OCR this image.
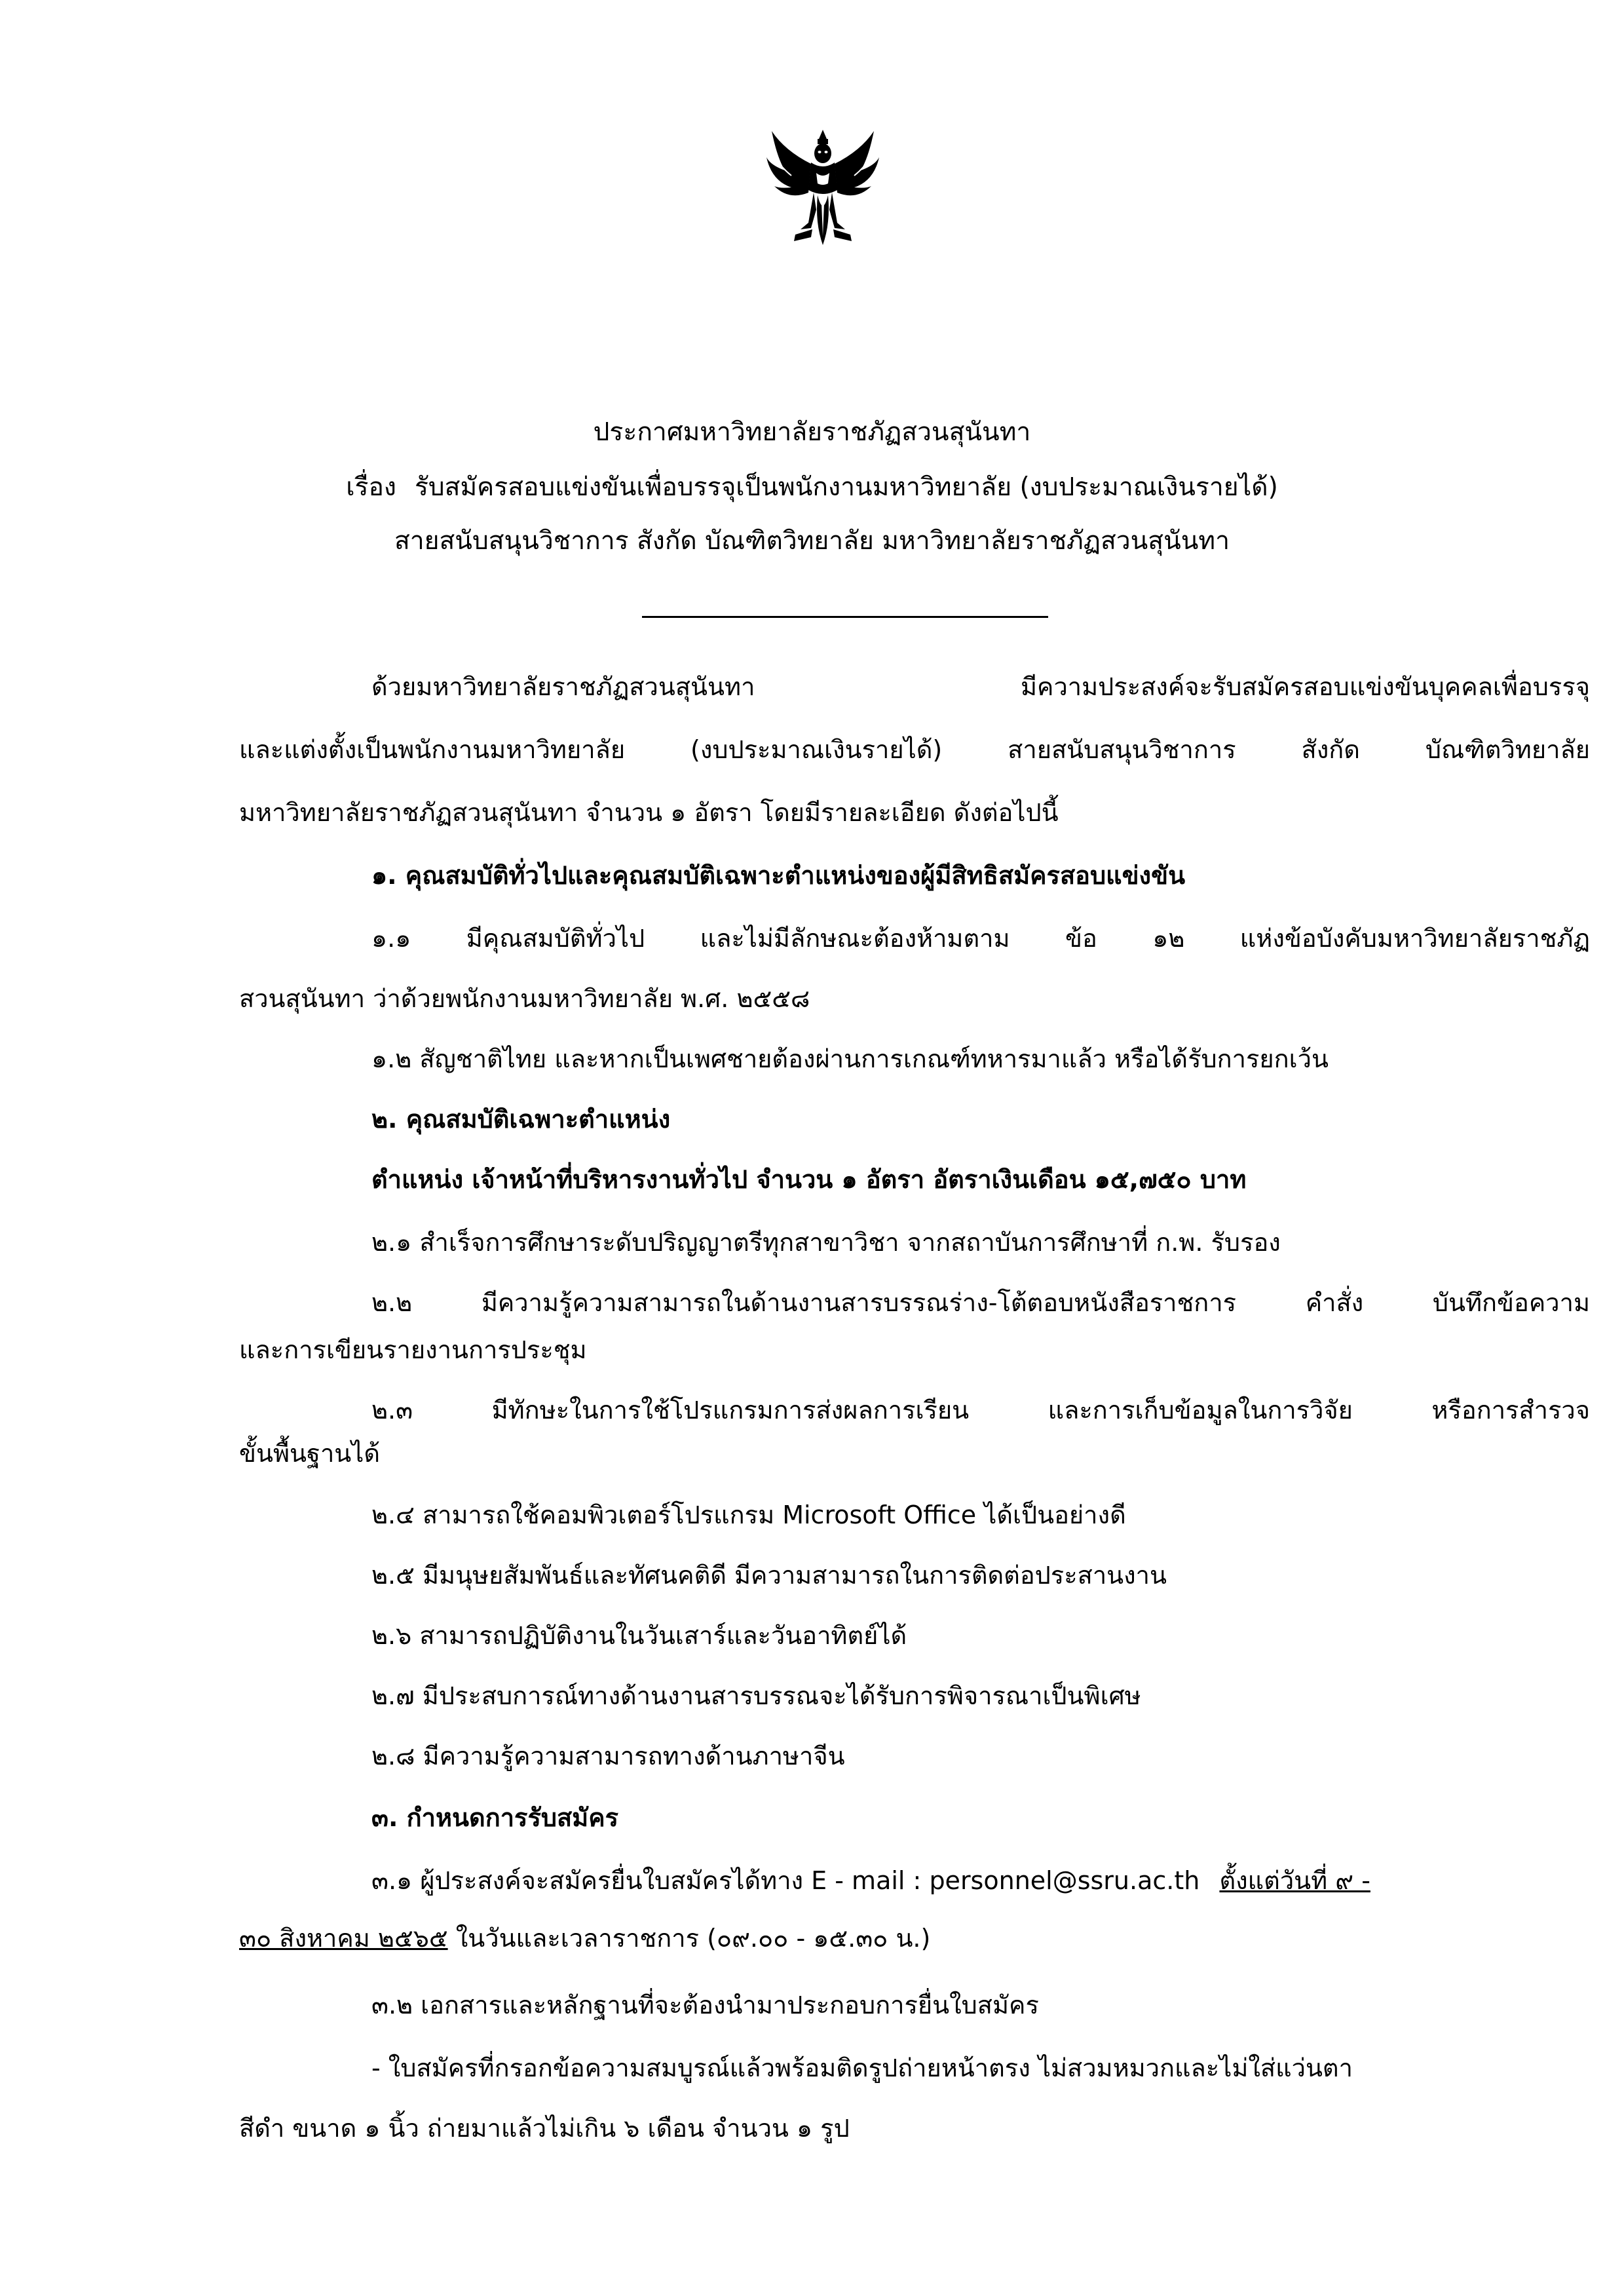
ประกาศมหาวิทยาลัยราชภัฏสวนสุนันทา
เรื่อง รับสมัครสอบแข่งขันเพื่อบรรจุเป็นพนักงานมหาวิทยาลัย (งบประมาณเงินรายได้)
สายสนับสนุนวิชาการ สังกัด บัณฑิตวิทยาลัย มหาวิทยาลัยราชภัฏสวนสุนันทา
ด้วยมหาวิทยาลัยราชภัฏสวนสุนันทา มีความประสงค์จะรับสมัครสอบแข่งขันบุคคลเพื่อบรรจุ
และแต่งตั้งเป็นพนักงานมหาวิทยาลัย (งบประมาณเงินรายได้) สายสนับสนุนวิชาการ สังกัด บัณฑิตวิทยาลัย
มหาวิทยาลัยราชภัฏสวนสุนันทา จำนวน ๑ อัตรา โดยมีรายละเอียด ดังต่อไปนี้
๑. คุณสมบัติทั่วไปและคุณสมบัติเฉพาะตำแหน่งของผู้มีสิทธิสมัครสอบแข่งขัน
๑.๑ มีคุณสมบัติทั่วไป และไม่มีลักษณะต้องห้ามตาม ข้อ ๑๒ แห่งข้อบังคับมหาวิทยาลัยราชภัฏ
สวนสุนันทา ว่าด้วยพนักงานมหาวิทยาลัย พ.ศ. ๒๕๕๘
๑.๒ สัญชาติไทย และหากเป็นเพศชายต้องผ่านการเกณฑ์ทหารมาแล้ว หรือได้รับการยกเว้น
๒. คุณสมบัติเฉพาะตำแหน่ง
ตำแหน่ง เจ้าหน้าที่บริหารงานทั่วไป จำนวน ๑ อัตรา อัตราเงินเดือน ๑๕,๗๕๐ บาท
๒.๑ สำเร็จการศึกษาระดับปริญญาตรีทุกสาขาวิชา จากสถาบันการศึกษาที่ ก.พ. รับรอง
๒.๒ มีความรู้ความสามารถในด้านงานสารบรรณร่าง-โต้ตอบหนังสือราชการ คำสั่ง บันทึกข้อความ
และการเขียนรายงานการประชุม
๒.๓ มีทักษะในการใช้โปรแกรมการส่งผลการเรียน และการเก็บข้อมูลในการวิจัย หรือการสำรวจ
ขั้นพื้นฐานได้
๒.๔ สามารถใช้คอมพิวเตอร์โปรแกรม Microsoft Office ได้เป็นอย่างดี
๒.๕ มีมนุษยสัมพันธ์และทัศนคติดี มีความสามารถในการติดต่อประสานงาน
๒.๖ สามารถปฏิบัติงานในวันเสาร์และวันอาทิตย์ได้
๒.๗ มีประสบการณ์ทางด้านงานสารบรรณจะได้รับการพิจารณาเป็นพิเศษ
๒.๘ มีความรู้ความสามารถทางด้านภาษาจีน
๓. กำหนดการรับสมัคร
๓.๑ ผู้ประสงค์จะสมัครยื่นใบสมัครได้ทาง E - mail : personnel@ssru.ac.th ตั้งแต่วันที่ ๙ -
๓๐ สิงหาคม ๒๕๖๕ ในวันและเวลาราชการ (๐๙.๐๐ - ๑๕.๓๐ น.)
๓.๒ เอกสารและหลักฐานที่จะต้องนำมาประกอบการยื่นใบสมัคร
- ใบสมัครที่กรอกข้อความสมบูรณ์แล้วพร้อมติดรูปถ่ายหน้าตรง ไม่สวมหมวกและไม่ใส่แว่นตา
สีดำ ขนาด ๑ นิ้ว ถ่ายมาแล้วไม่เกิน ๖ เดือน จำนวน ๑ รูป
